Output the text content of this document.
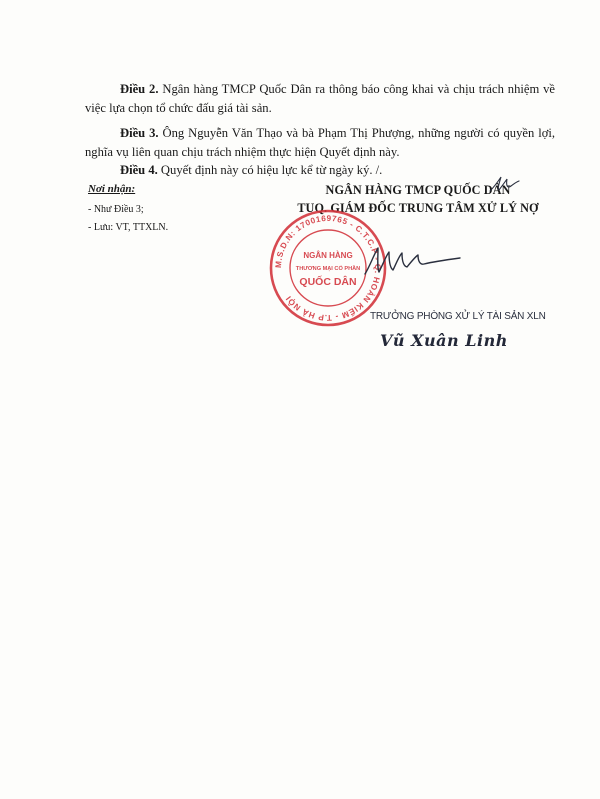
Điều 2. Ngân hàng TMCP Quốc Dân ra thông báo công khai và chịu trách nhiệm về việc lựa chọn tổ chức đấu giá tài sản.

Điều 3. Ông Nguyễn Văn Thạo và bà Phạm Thị Phượng, những người có quyền lợi, nghĩa vụ liên quan chịu trách nhiệm thực hiện Quyết định này.

Điều 4. Quyết định này có hiệu lực kể từ ngày ký. /.

Nơi nhận:
- Như Điều 3;
- Lưu: VT, TTXLN.
NGÂN HÀNG TMCP QUỐC DÂN
TUQ. GIÁM ĐỐC TRUNG TÂM XỬ LÝ NỢ
M.S.D.N: 1700169765 - C.T.C.P - Q. HOÀN KIẾM - T.P HÀ NỘI
NGÂN HÀNG
THƯƠNG MẠI CỔ PHẦN
QUỐC DÂN
TRƯỞNG PHÒNG XỬ LÝ TÀI SẢN XLN
Vũ Xuân Linh
